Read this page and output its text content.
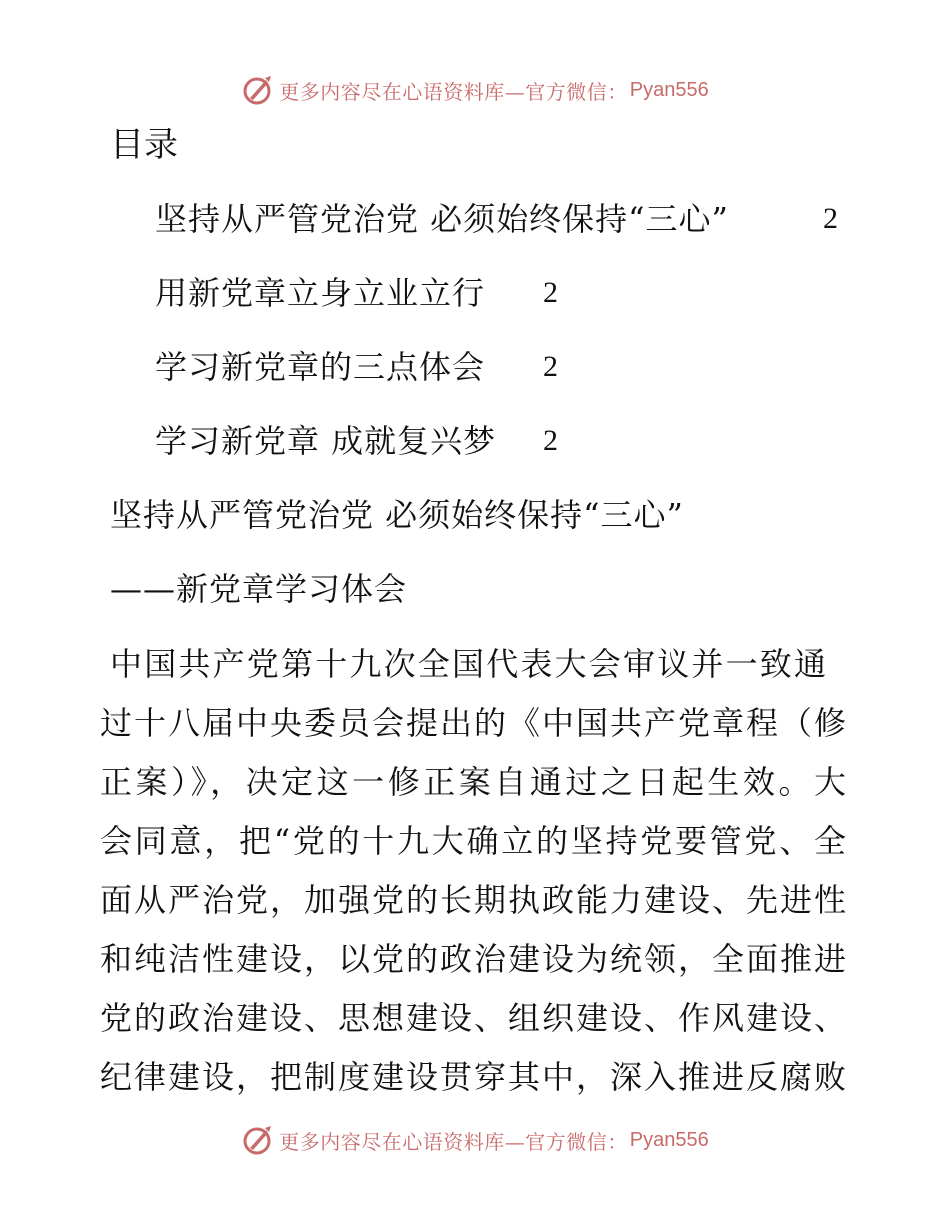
更多内容尽在心语资料库—官方微信： Pyan556
目录
坚持从严管党治党 必须始终保持“三心”	2
用新党章立身立业立行 2
学习新党章的三点体会 2
学习新党章 成就复兴梦 2
坚持从严管党治党 必须始终保持“三心”
——新党章学习体会
中国共产党第十九次全国代表大会审议并一致通
过十八届中央委员会提出的《中国共产党章程（修
正案）》，决定这一修正案自通过之日起生效。大
会同意，把“党的十九大确立的坚持党要管党、全
面从严治党，加强党的长期执政能力建设、先进性
和纯洁性建设，以党的政治建设为统领，全面推进
党的政治建设、思想建设、组织建设、作风建设、
纪律建设，把制度建设贯穿其中，深入推进反腐败
更多内容尽在心语资料库—官方微信： Pyan556
